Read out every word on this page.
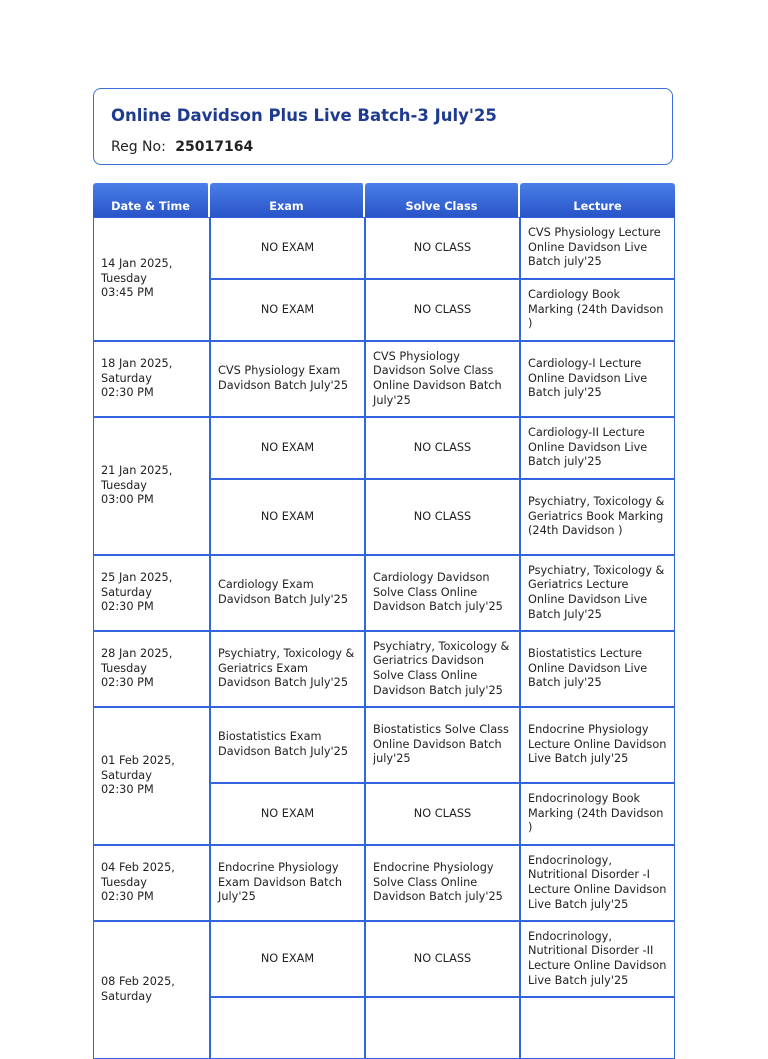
Online Davidson Plus Live Batch-3 July'25
Reg No: 25017164
Date & Time	Exam	Solve Class	Lecture

14 Jan 2025,
Tuesday
03:45 PM	NO EXAM	NO CLASS	CVS Physiology Lecture Online Davidson Live Batch july'25
	NO EXAM	NO CLASS	Cardiology Book Marking (24th Davidson )

18 Jan 2025,
Saturday
02:30 PM	CVS Physiology Exam Davidson Batch July'25	CVS Physiology Davidson Solve Class Online Davidson Batch July'25	Cardiology-I Lecture Online Davidson Live Batch july'25

21 Jan 2025,
Tuesday
03:00 PM	NO EXAM	NO CLASS	Cardiology-II Lecture Online Davidson Live Batch july'25
	NO EXAM	NO CLASS	Psychiatry, Toxicology & Geriatrics Book Marking (24th Davidson )

25 Jan 2025,
Saturday
02:30 PM	Cardiology Exam Davidson Batch July'25	Cardiology Davidson Solve Class Online Davidson Batch july'25	Psychiatry, Toxicology & Geriatrics Lecture Online Davidson Live Batch July'25

28 Jan 2025,
Tuesday
02:30 PM	Psychiatry, Toxicology & Geriatrics Exam Davidson Batch July'25	Psychiatry, Toxicology & Geriatrics Davidson Solve Class Online Davidson Batch july'25	Biostatistics Lecture Online Davidson Live Batch july'25

01 Feb 2025,
Saturday
02:30 PM	Biostatistics Exam Davidson Batch July'25	Biostatistics Solve Class Online Davidson Batch july'25	Endocrine Physiology Lecture Online Davidson Live Batch july'25
	NO EXAM	NO CLASS	Endocrinology Book Marking (24th Davidson )

04 Feb 2025,
Tuesday
02:30 PM	Endocrine Physiology Exam Davidson Batch July'25	Endocrine Physiology Solve Class Online Davidson Batch july'25	Endocrinology, Nutritional Disorder -I Lecture Online Davidson Live Batch july'25

08 Feb 2025,
Saturday	NO EXAM	NO CLASS	Endocrinology, Nutritional Disorder -II Lecture Online Davidson Live Batch july'25
